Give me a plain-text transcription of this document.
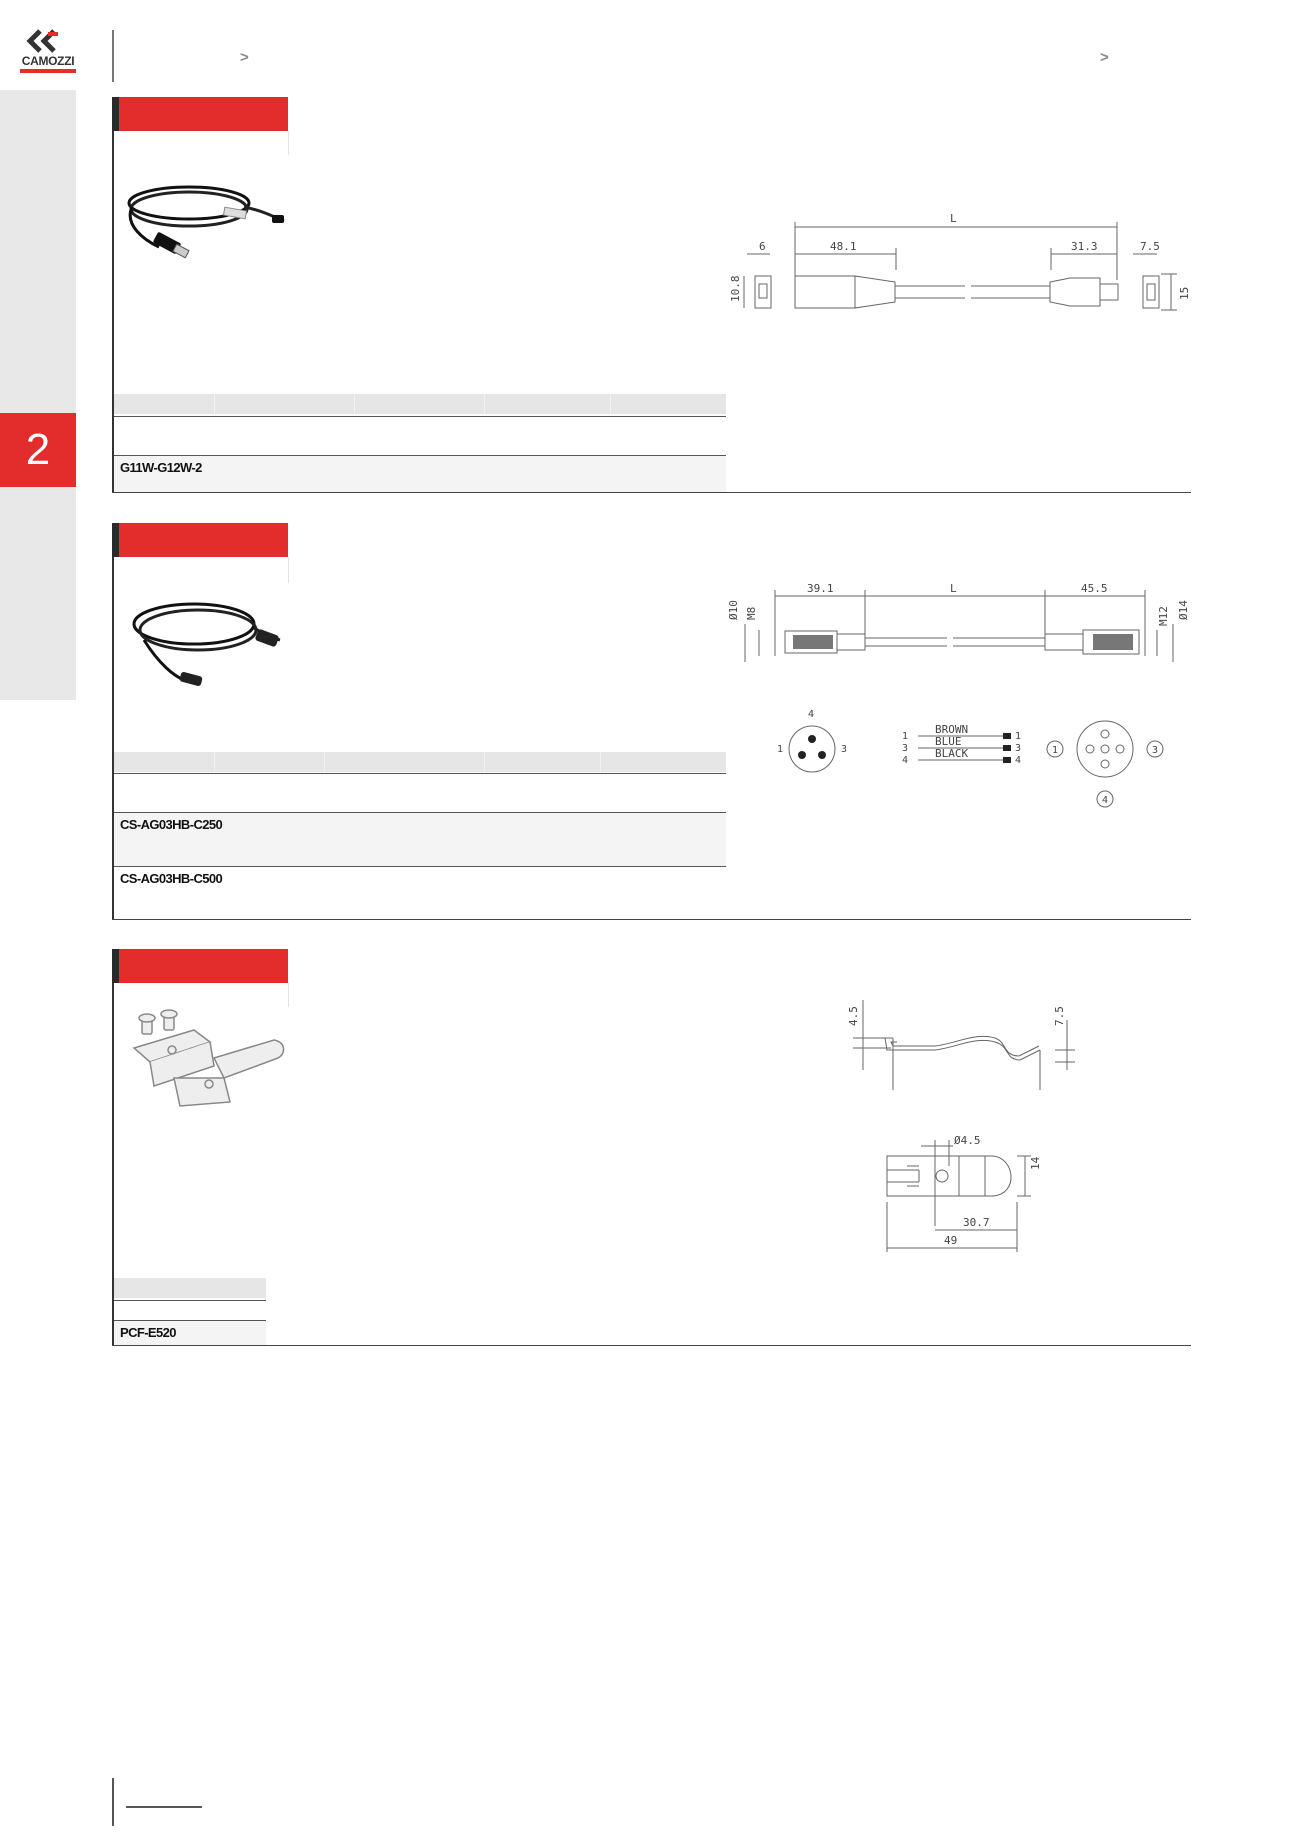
CAMOZZI	>	>
2	G11W-G12W-2
L
6	48.1	31.3	7.5
10.8	15
CS-AG03HB-C250
CS-AG03HB-C500
39.1	L	45.5
Ø10 M8	M12 Ø14
4
1	3
1
BROWN
1
3
BLUE
3
4
BLACK
4
1	3
4
PCF-E520
4.5	7.5
Ø4.5
14
30.7
49
